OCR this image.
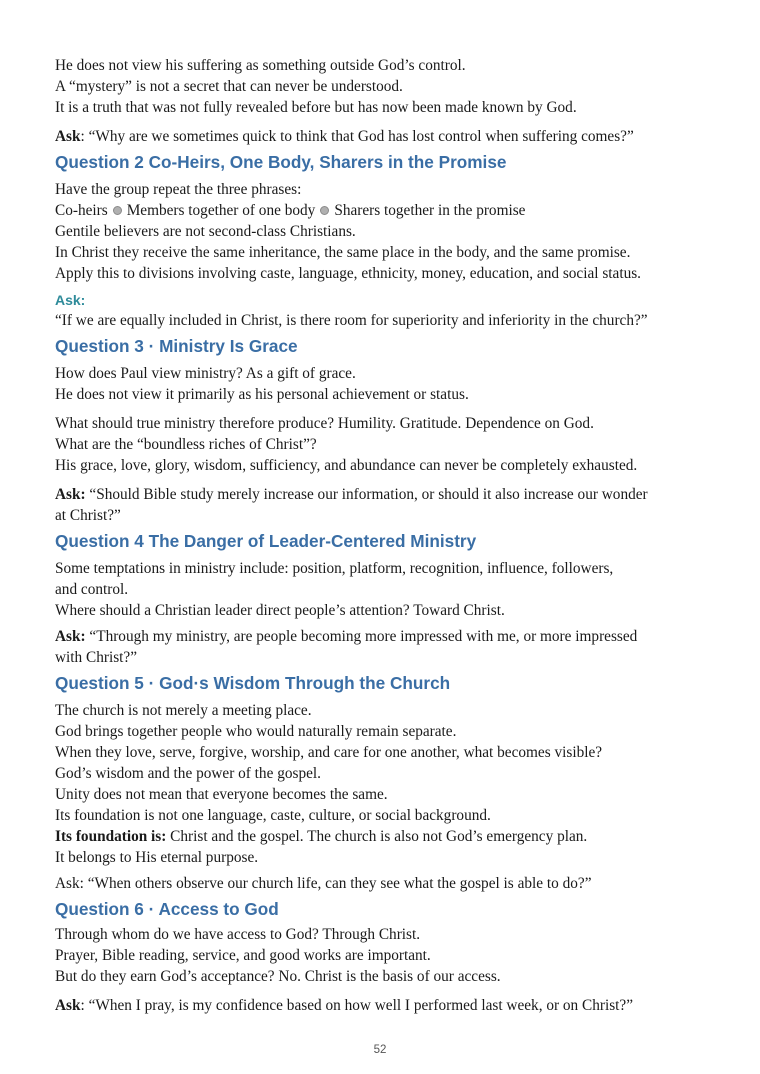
He does not view his suffering as something outside God’s control.

A “mystery” is not a secret that can never be understood.

It is a truth that was not fully revealed before but has now been made known by God.

Ask: “Why are we sometimes quick to think that God has lost control when suffering comes?”

Question 2 Co-Heirs, One Body, Sharers in the Promise

Have the group repeat the three phrases:

Co-heirs Members together of one body Sharers together in the promise

Gentile believers are not second-class Christians.

In Christ they receive the same inheritance, the same place in the body, and the same promise.

Apply this to divisions involving caste, language, ethnicity, money, education, and social status.

Ask:

“If we are equally included in Christ, is there room for superiority and inferiority in the church?”

Question 3 · Ministry Is Grace

How does Paul view ministry? As a gift of grace.

He does not view it primarily as his personal achievement or status.

What should true ministry therefore produce? Humility. Gratitude. Dependence on God.

What are the “boundless riches of Christ”?

His grace, love, glory, wisdom, sufficiency, and abundance can never be completely exhausted.

Ask: “Should Bible study merely increase our information, or should it also increase our wonder

at Christ?”

Question 4 The Danger of Leader-Centered Ministry

Some temptations in ministry include: position, platform, recognition, influence, followers,

and control.

Where should a Christian leader direct people’s attention? Toward Christ.

Ask: “Through my ministry, are people becoming more impressed with me, or more impressed

with Christ?”

Question 5 · God·s Wisdom Through the Church

The church is not merely a meeting place.

God brings together people who would naturally remain separate.

When they love, serve, forgive, worship, and care for one another, what becomes visible?

God’s wisdom and the power of the gospel.

Unity does not mean that everyone becomes the same.

Its foundation is not one language, caste, culture, or social background.

Its foundation is: Christ and the gospel. The church is also not God’s emergency plan.

It belongs to His eternal purpose.

Ask: “When others observe our church life, can they see what the gospel is able to do?”

Question 6 · Access to God

Through whom do we have access to God? Through Christ.

Prayer, Bible reading, service, and good works are important.

But do they earn God’s acceptance? No. Christ is the basis of our access.

Ask: “When I pray, is my confidence based on how well I performed last week, or on Christ?”

52
